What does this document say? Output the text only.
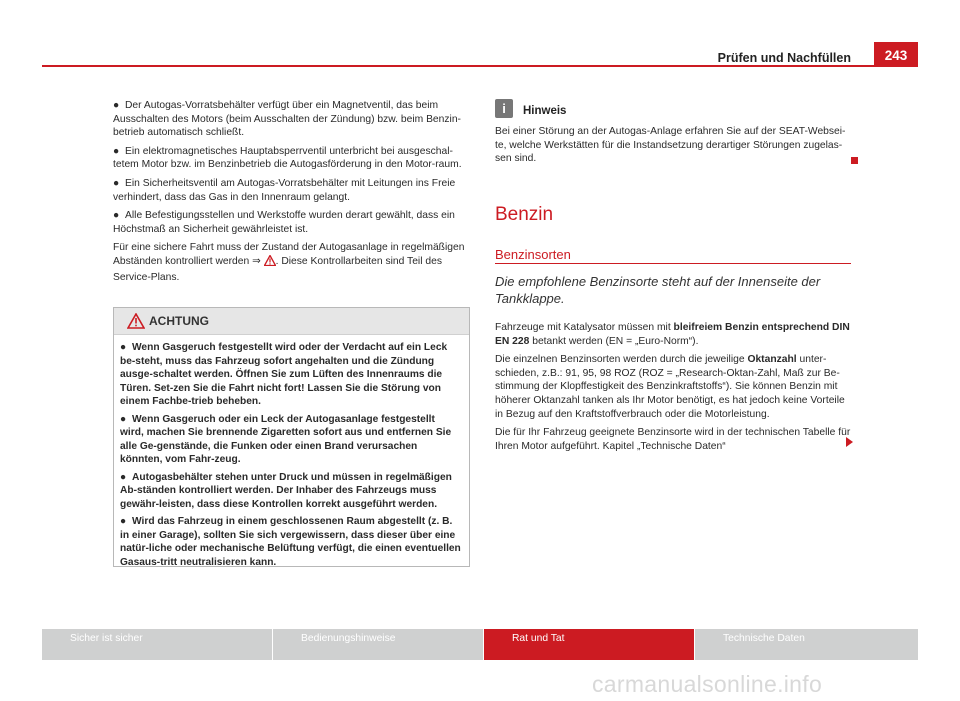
Prüfen und Nachfüllen	243
● Der Autogas-Vorratsbehälter verfügt über ein Magnetventil, das beim Ausschalten des Motors (beim Ausschalten der Zündung) bzw. beim Benzin-betrieb automatisch schließt.
● Ein elektromagnetisches Hauptabsperrventil unterbricht bei ausgeschal-tetem Motor bzw. im Benzinbetrieb die Autogasförderung in den Motor-raum.
● Ein Sicherheitsventil am Autogas-Vorratsbehälter mit Leitungen ins Freie verhindert, dass das Gas in den Innenraum gelangt.
● Alle Befestigungsstellen und Werkstoffe wurden derart gewählt, dass ein Höchstmaß an Sicherheit gewährleistet ist.

Für eine sichere Fahrt muss der Zustand der Autogasanlage in regelmäßigen Abständen kontrolliert werden ⇒ . Diese Kontrollarbeiten sind Teil des Service-Plans.

ACHTUNG
● Wenn Gasgeruch festgestellt wird oder der Verdacht auf ein Leck be-steht, muss das Fahrzeug sofort angehalten und die Zündung ausge-schaltet werden. Öffnen Sie zum Lüften des Innenraums die Türen. Set-zen Sie die Fahrt nicht fort! Lassen Sie die Störung von einem Fachbe-trieb beheben.
● Wenn Gasgeruch oder ein Leck der Autogasanlage festgestellt wird, machen Sie brennende Zigaretten sofort aus und entfernen Sie alle Ge-genstände, die Funken oder einen Brand verursachen könnten, vom Fahr-zeug.
● Autogasbehälter stehen unter Druck und müssen in regelmäßigen Ab-ständen kontrolliert werden. Der Inhaber des Fahrzeugs muss gewähr-leisten, dass diese Kontrollen korrekt ausgeführt werden.
● Wird das Fahrzeug in einem geschlossenen Raum abgestellt (z. B. in einer Garage), sollten Sie sich vergewissern, dass dieser über eine natür-liche oder mechanische Belüftung verfügt, die einen eventuellen Gasaus-tritt neutralisieren kann.
i	Hinweis

Bei einer Störung an der Autogas-Anlage erfahren Sie auf der SEAT-Websei-te, welche Werkstätten für die Instandsetzung derartiger Störungen zugelas-sen sind.

Benzin
Benzinsorten
Die empfohlene Benzinsorte steht auf der Innenseite der Tankklappe.

Fahrzeuge mit Katalysator müssen mit bleifreiem Benzin entsprechend DIN EN 228 betankt werden (EN = „Euro-Norm“).

Die einzelnen Benzinsorten werden durch die jeweilige Oktanzahl unter-schieden, z.B.: 91, 95, 98 ROZ (ROZ = „Research-Oktan-Zahl, Maß zur Be-stimmung der Klopffestigkeit des Benzinkraftstoffs“). Sie können Benzin mit höherer Oktanzahl tanken als Ihr Motor benötigt, es hat jedoch keine Vorteile in Bezug auf den Kraftstoffverbrauch oder die Motorleistung.

Die für Ihr Fahrzeug geeignete Benzinsorte wird in der technischen Tabelle für Ihren Motor aufgeführt. Kapitel „Technische Daten“

Sicher ist sicher	Bedienungshinweise	Rat und Tat	Technische Daten
carmanualsonline.info
